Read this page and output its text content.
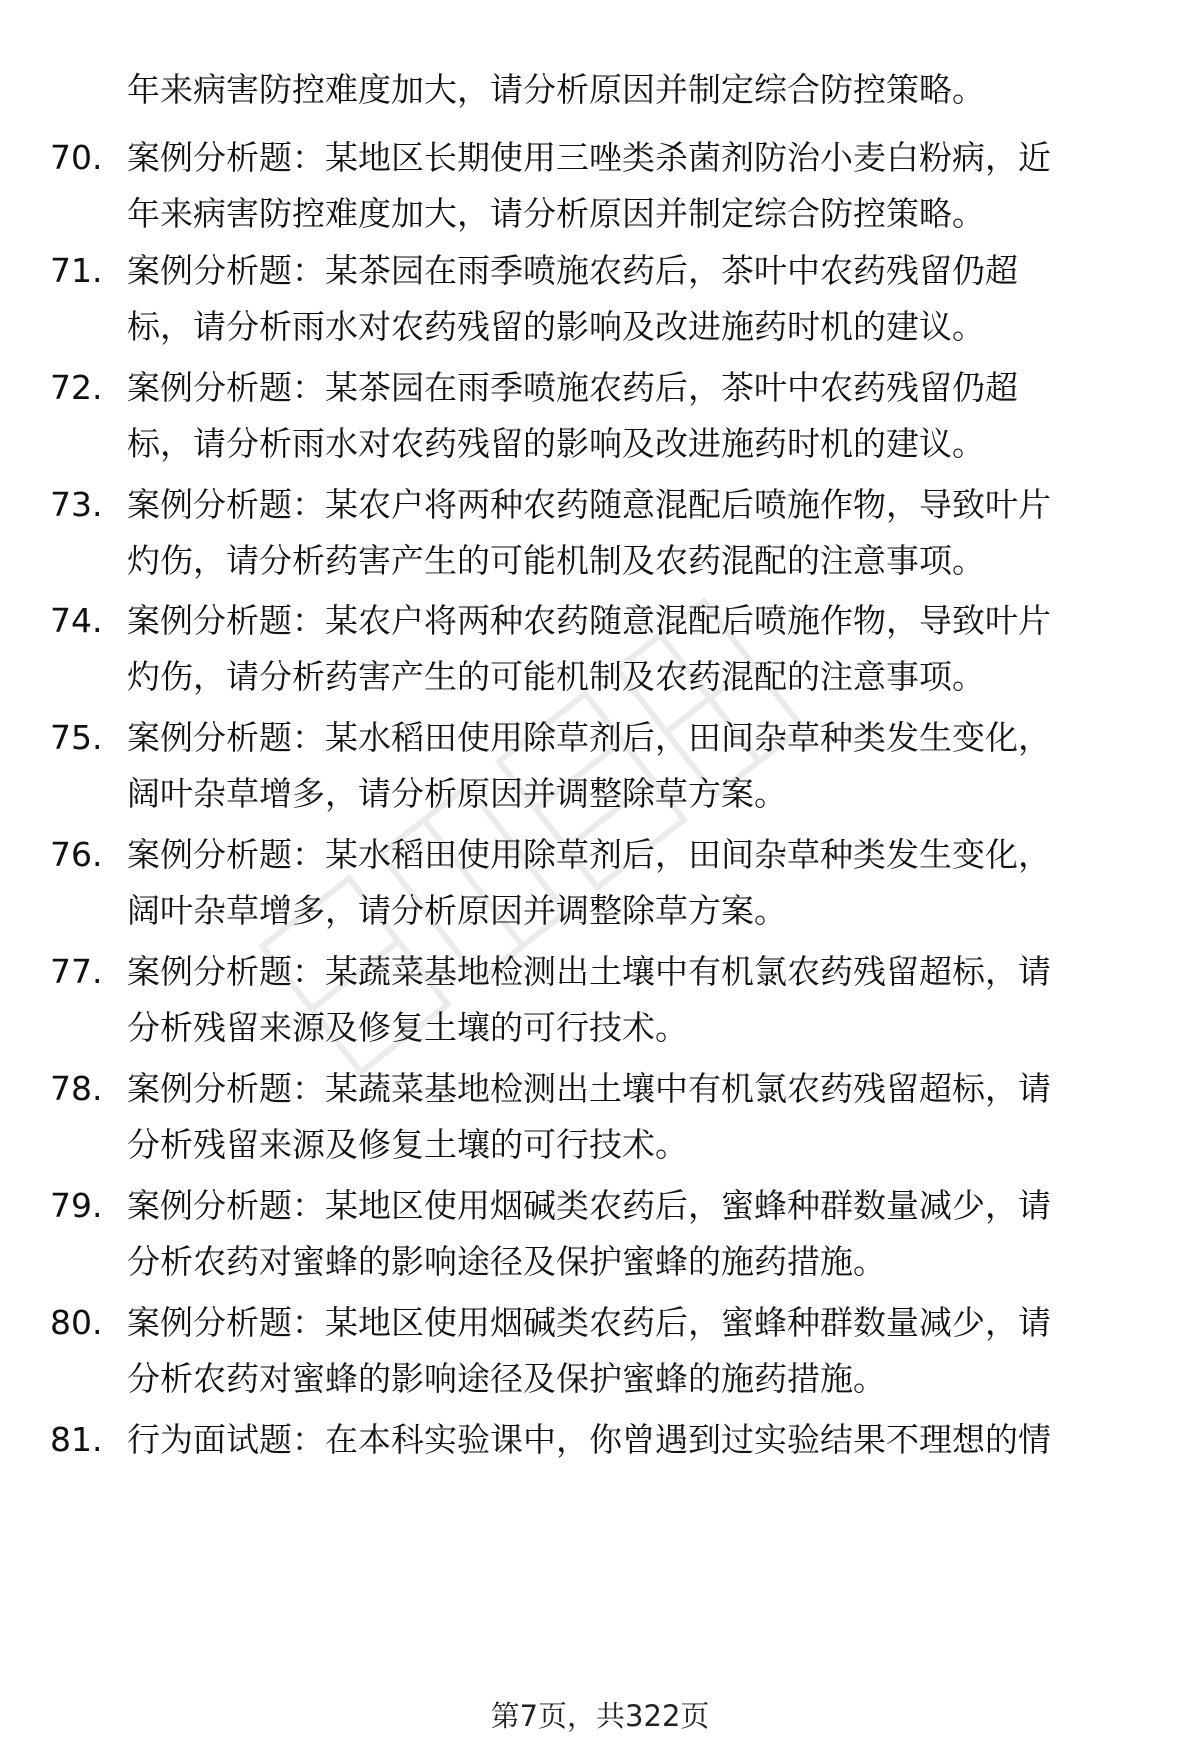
年来病害防控难度加大，请分析原因并制定综合防控策略。

70. 案例分析题：某地区长期使用三唑类杀菌剂防治小麦白粉病，近
年来病害防控难度加大，请分析原因并制定综合防控策略。
71. 案例分析题：某茶园在雨季喷施农药后，茶叶中农药残留仍超
标，请分析雨水对农药残留的影响及改进施药时机的建议。
72. 案例分析题：某茶园在雨季喷施农药后，茶叶中农药残留仍超
标，请分析雨水对农药残留的影响及改进施药时机的建议。
73. 案例分析题：某农户将两种农药随意混配后喷施作物，导致叶片
灼伤，请分析药害产生的可能机制及农药混配的注意事项。
74. 案例分析题：某农户将两种农药随意混配后喷施作物，导致叶片
灼伤，请分析药害产生的可能机制及农药混配的注意事项。
75. 案例分析题：某水稻田使用除草剂后，田间杂草种类发生变化，
阔叶杂草增多，请分析原因并调整除草方案。
76. 案例分析题：某水稻田使用除草剂后，田间杂草种类发生变化，
阔叶杂草增多，请分析原因并调整除草方案。
77. 案例分析题：某蔬菜基地检测出土壤中有机氯农药残留超标，请
分析残留来源及修复土壤的可行技术。
78. 案例分析题：某蔬菜基地检测出土壤中有机氯农药残留超标，请
分析残留来源及修复土壤的可行技术。
79. 案例分析题：某地区使用烟碱类农药后，蜜蜂种群数量减少，请
分析农药对蜜蜂的影响途径及保护蜜蜂的施药措施。
80. 案例分析题：某地区使用烟碱类农药后，蜜蜂种群数量减少，请
分析农药对蜜蜂的影响途径及保护蜜蜂的施药措施。
81. 行为面试题：在本科实验课中，你曾遇到过实验结果不理想的情
第7页，共322页
